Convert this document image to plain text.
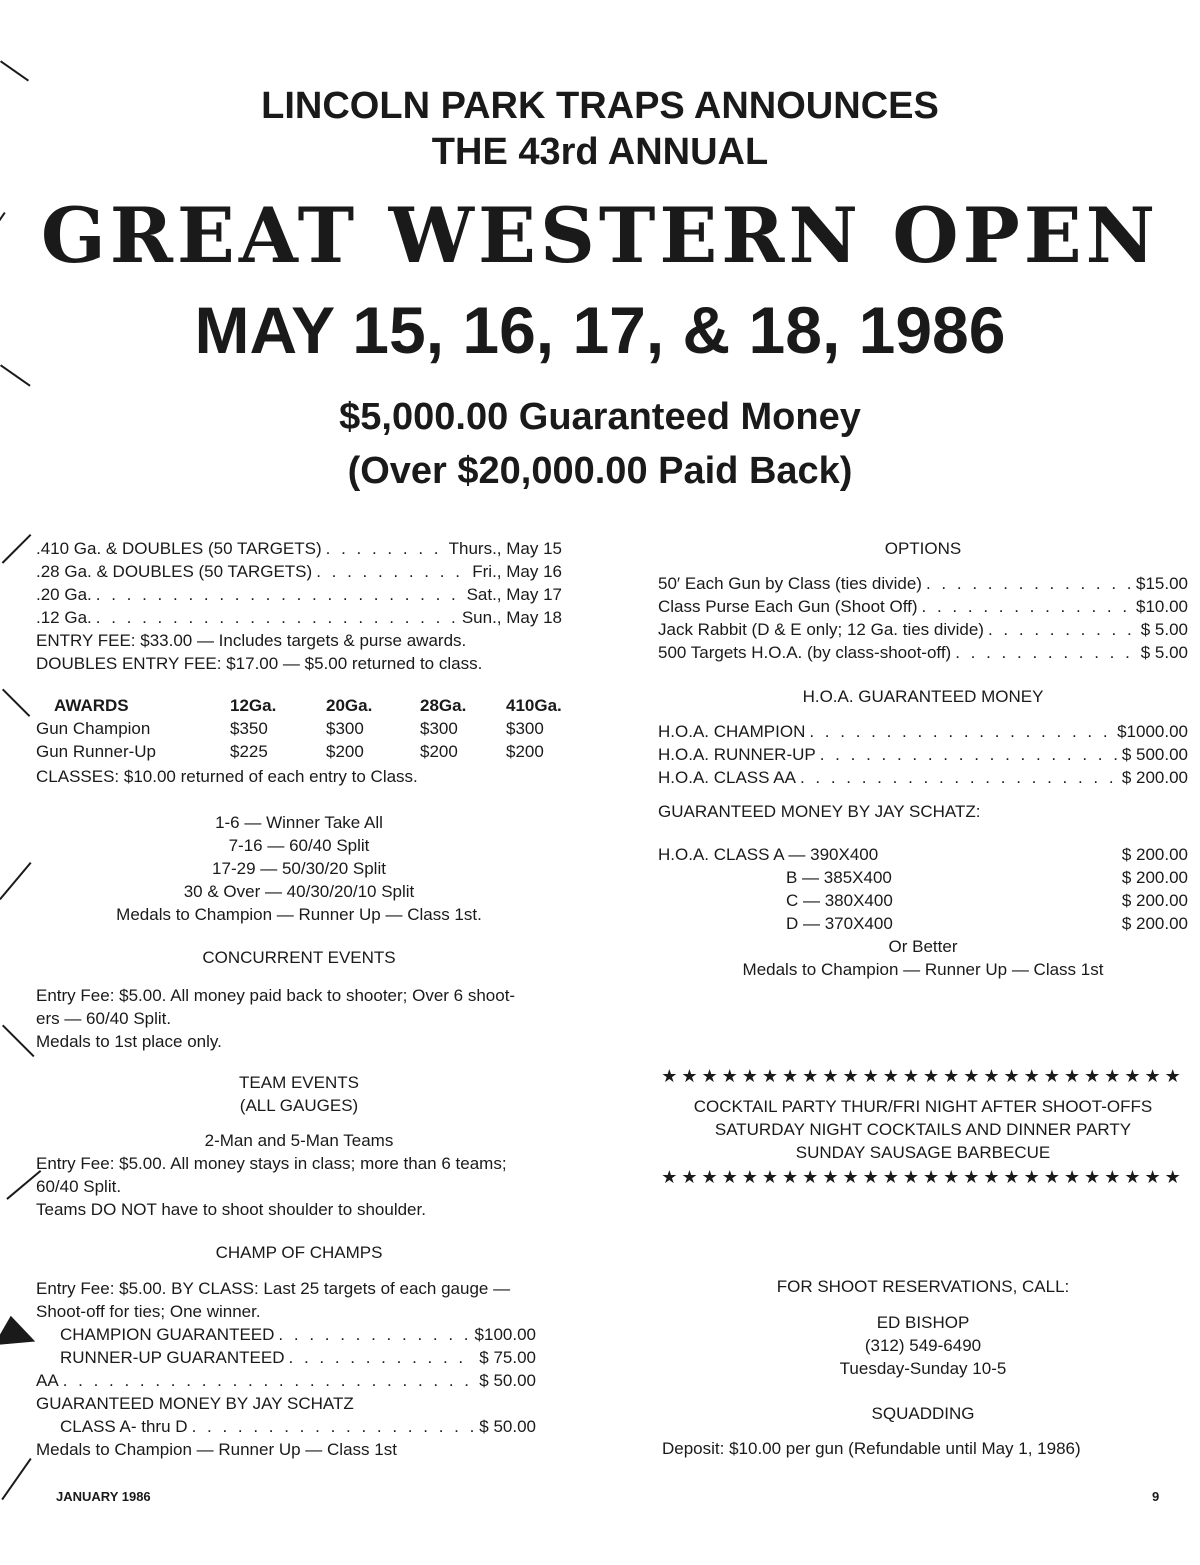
LINCOLN PARK TRAPS ANNOUNCES
THE 43rd ANNUAL
GREAT WESTERN OPEN
MAY 15, 16, 17, & 18, 1986
$5,000.00 Guaranteed Money
(Over $20,000.00 Paid Back)
.410 Ga. & DOUBLES (50 TARGETS) . . .	Thurs., May 15
.28 Ga. & DOUBLES (50 TARGETS) . . .	Fri., May 16
.20 Ga. . . .	Sat., May 17
.12 Ga. . . .	Sun., May 18
ENTRY FEE: $33.00 — Includes targets & purse awards.
DOUBLES ENTRY FEE: $17.00 — $5.00 returned to class.
AWARDS	12Ga.	20Ga.	28Ga.	410Ga.
Gun Champion	$350	$300	$300	$300
Gun Runner-Up	$225	$200	$200	$200
CLASSES: $10.00 returned of each entry to Class.
1-6 — Winner Take All
7-16 — 60/40 Split
17-29 — 50/30/20 Split
30 & Over — 40/30/20/10 Split
Medals to Champion — Runner Up — Class 1st.
CONCURRENT EVENTS
Entry Fee: $5.00. All money paid back to shooter; Over 6 shoot-
ers — 60/40 Split.
Medals to 1st place only.
TEAM EVENTS
(ALL GAUGES)
2-Man and 5-Man Teams
Entry Fee: $5.00. All money stays in class; more than 6 teams;
60/40 Split.
Teams DO NOT have to shoot shoulder to shoulder.
CHAMP OF CHAMPS
Entry Fee: $5.00. BY CLASS: Last 25 targets of each gauge —
Shoot-off for ties; One winner.
CHAMPION GUARANTEED . . .	$100.00
RUNNER-UP GUARANTEED . . .	$ 75.00
AA . . .	$ 50.00
GUARANTEED MONEY BY JAY SCHATZ
CLASS A- thru D . . .	$ 50.00
Medals to Champion — Runner Up — Class 1st
OPTIONS
50′ Each Gun by Class (ties divide) . . .	$15.00
Class Purse Each Gun (Shoot Off) . . .	$10.00
Jack Rabbit (D & E only; 12 Ga. ties divide) . . .	$ 5.00
500 Targets H.O.A. (by class-shoot-off) . . .	$ 5.00
H.O.A. GUARANTEED MONEY
H.O.A. CHAMPION . . .	$1000.00
H.O.A. RUNNER-UP . . .	$ 500.00
H.O.A. CLASS AA . . .	$ 200.00
GUARANTEED MONEY BY JAY SCHATZ:
H.O.A. CLASS A — 390X400	$ 200.00
B — 385X400	$ 200.00
C — 380X400	$ 200.00
D — 370X400	$ 200.00
Or Better
Medals to Champion — Runner Up — Class 1st
★★★★★★★★★★★★★★★★★★★★★★★★★★
COCKTAIL PARTY THUR/FRI NIGHT AFTER SHOOT-OFFS
SATURDAY NIGHT COCKTAILS AND DINNER PARTY
SUNDAY SAUSAGE BARBECUE
★★★★★★★★★★★★★★★★★★★★★★★★★★
FOR SHOOT RESERVATIONS, CALL:
ED BISHOP
(312) 549-6490
Tuesday-Sunday 10-5
SQUADDING
Deposit: $10.00 per gun (Refundable until May 1, 1986)
JANUARY 1986	9
